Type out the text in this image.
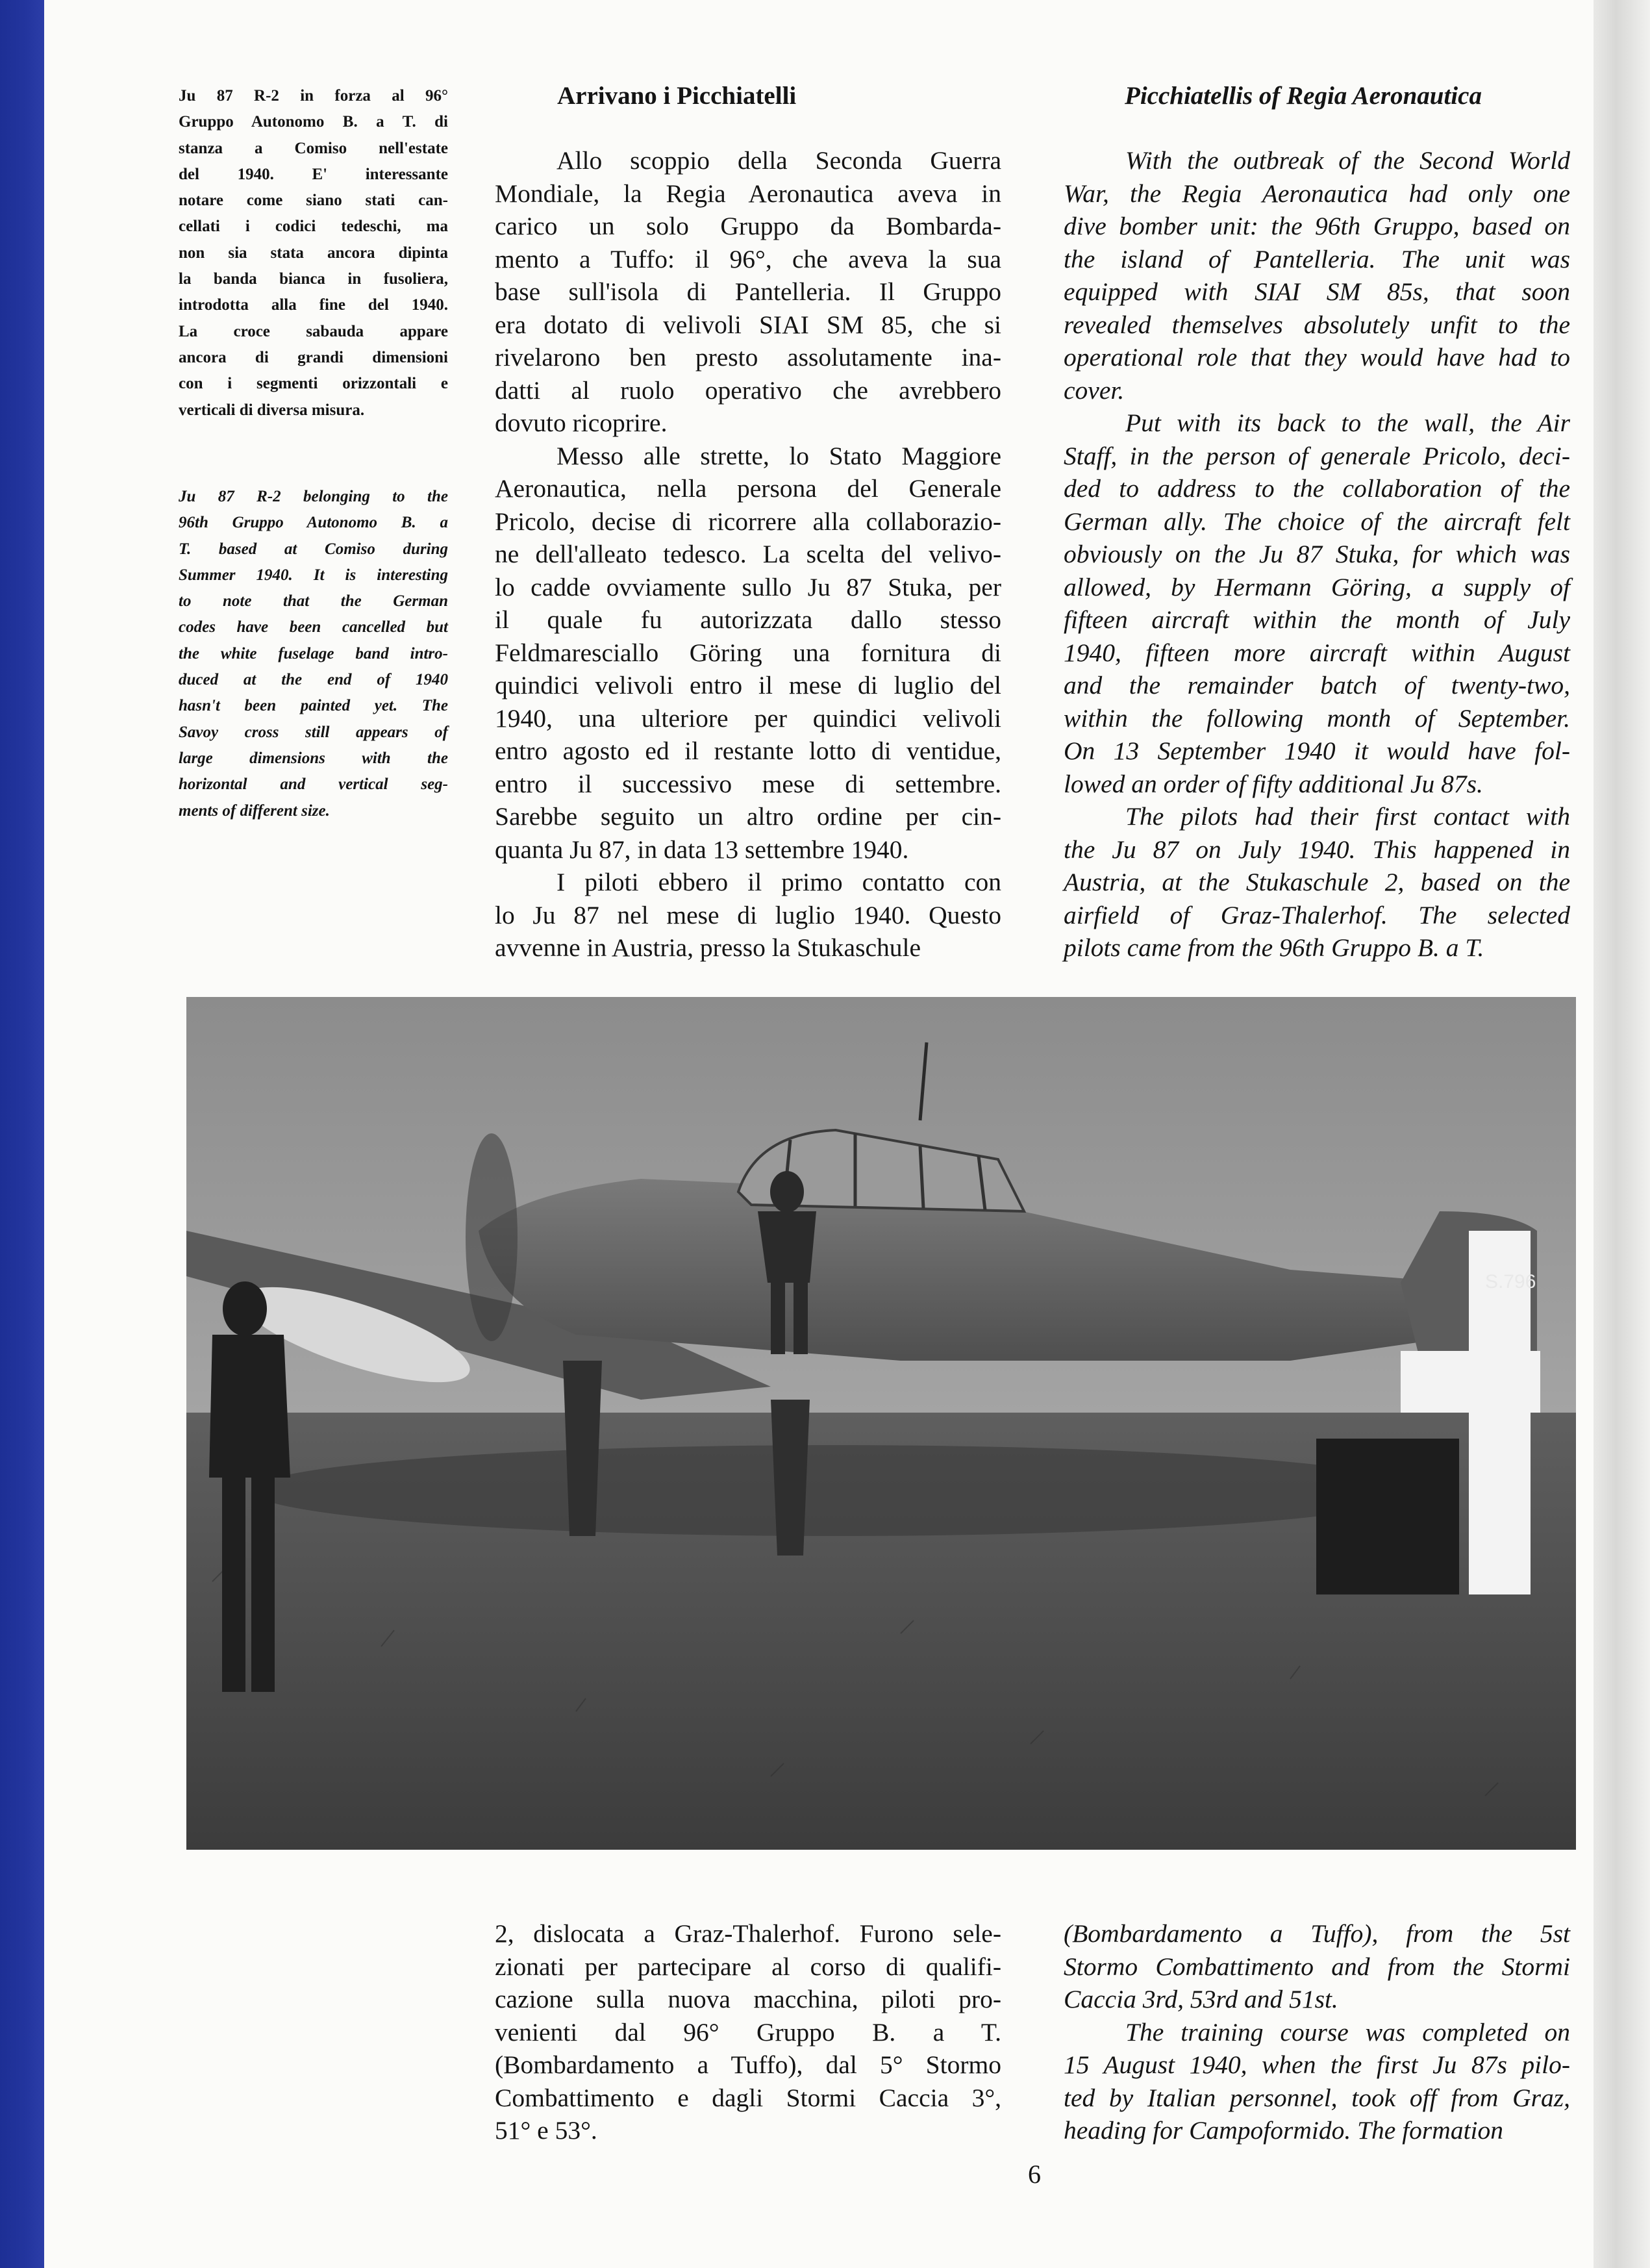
Ju 87 R-2 in forza al 96°
Gruppo Autonomo B. a T. di
stanza a Comiso nell'estate
del 1940. E' interessante
notare come siano stati can-
cellati i codici tedeschi, ma
non sia stata ancora dipinta
la banda bianca in fusoliera,
introdotta alla fine del 1940.
La croce sabauda appare
ancora di grandi dimensioni
con i segmenti orizzontali e
verticali di diversa misura.
Ju 87 R-2 belonging to the
96th Gruppo Autonomo B. a
T. based at Comiso during
Summer 1940. It is interesting
to note that the German
codes have been cancelled but
the white fuselage band intro-
duced at the end of 1940
hasn't been painted yet. The
Savoy cross still appears of
large dimensions with the
horizontal and vertical seg-
ments of different size.
Arrivano i Picchiatelli	Picchiatellis of Regia Aeronautica

Allo scoppio della Seconda Guerra
Mondiale, la Regia Aeronautica aveva in
carico un solo Gruppo da Bombarda-
mento a Tuffo: il 96°, che aveva la sua
base sull'isola di Pantelleria. Il Gruppo
era dotato di velivoli SIAI SM 85, che si
rivelarono ben presto assolutamente ina-
datti al ruolo operativo che avrebbero
dovuto ricoprire.

Messo alle strette, lo Stato Maggiore
Aeronautica, nella persona del Generale
Pricolo, decise di ricorrere alla collaborazio-
ne dell'alleato tedesco. La scelta del velivo-
lo cadde ovviamente sullo Ju 87 Stuka, per
il quale fu autorizzata dallo stesso
Feldmaresciallo Göring una fornitura di
quindici velivoli entro il mese di luglio del
1940, una ulteriore per quindici velivoli
entro agosto ed il restante lotto di ventidue,
entro il successivo mese di settembre.
Sarebbe seguito un altro ordine per cin-
quanta Ju 87, in data 13 settembre 1940.

I piloti ebbero il primo contatto con
lo Ju 87 nel mese di luglio 1940. Questo
avvenne in Austria, presso la Stukaschule

With the outbreak of the Second World
War, the Regia Aeronautica had only one
dive bomber unit: the 96th Gruppo, based on
the island of Pantelleria. The unit was
equipped with SIAI SM 85s, that soon
revealed themselves absolutely unfit to the
operational role that they would have had to
cover.

Put with its back to the wall, the Air
Staff, in the person of generale Pricolo, deci-
ded to address to the collaboration of the
German ally. The choice of the aircraft felt
obviously on the Ju 87 Stuka, for which was
allowed, by Hermann Göring, a supply of
fifteen aircraft within the month of July
1940, fifteen more aircraft within August
and the remainder batch of twenty-two,
within the following month of September.
On 13 September 1940 it would have fol-
lowed an order of fifty additional Ju 87s.

The pilots had their first contact with
the Ju 87 on July 1940. This happened in
Austria, at the Stukaschule 2, based on the
airfield of Graz-Thalerhof. The selected
pilots came from the 96th Gruppo B. a T.

S.796

2, dislocata a Graz-Thalerhof. Furono sele-
zionati per partecipare al corso di qualifi-
cazione sulla nuova macchina, piloti pro-
venienti dal 96° Gruppo B. a T.
(Bombardamento a Tuffo), dal 5° Stormo
Combattimento e dagli Stormi Caccia 3°,
51° e 53°.

(Bombardamento a Tuffo), from the 5st
Stormo Combattimento and from the Stormi
Caccia 3rd, 53rd and 51st.

The training course was completed on
15 August 1940, when the first Ju 87s pilo-
ted by Italian personnel, took off from Graz,
heading for Campoformido. The formation

6
